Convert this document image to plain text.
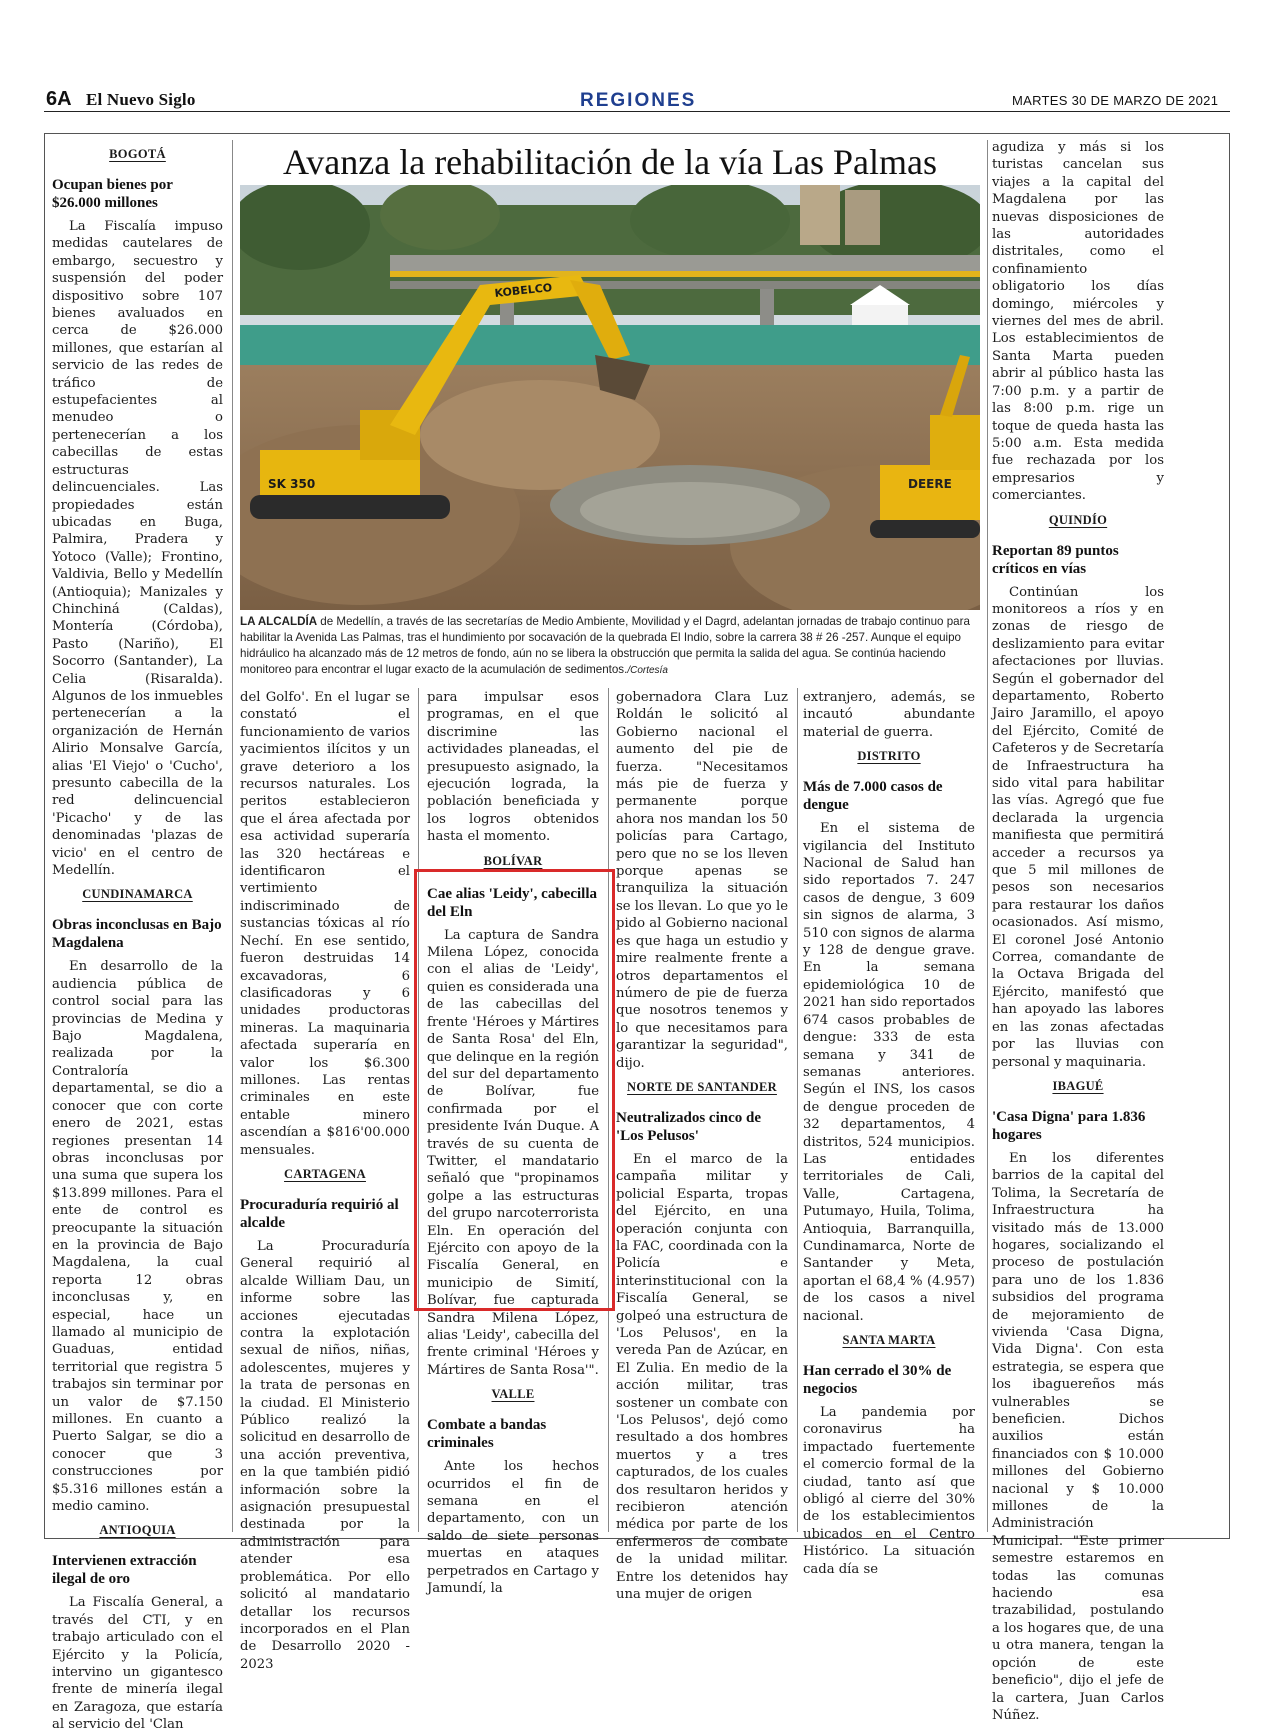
6A El Nuevo Siglo	REGIONES	MARTES 30 DE MARZO DE 2021
Avanza la rehabilitación de la vía Las Palmas
KOBELCO
SK 350	DEERE
LA ALCALDÍA de Medellín, a través de las secretarías de Medio Ambiente, Movilidad y el Dagrd, adelantan jornadas de trabajo continuo para habilitar la Avenida Las Palmas, tras el hundimiento por socavación de la quebrada El Indio, sobre la carrera 38 # 26 -257. Aunque el equipo hidráulico ha alcanzado más de 12 metros de fondo, aún no se libera la obstrucción que permita la salida del agua. Se continúa haciendo monitoreo para encontrar el lugar exacto de la acumulación de sedimentos./Cortesía
BOGOTÁ
Ocupan bienes por $26.000 millones

La Fiscalía impuso medidas cautelares de embargo, secuestro y suspensión del poder dispositivo sobre 107 bienes avaluados en cerca de $26.000 millones, que estarían al servicio de las redes de tráfico de estupefacientes al menudeo o pertenecerían a los cabecillas de estas estructuras delincuenciales. Las propiedades están ubicadas en Buga, Palmira, Pradera y Yotoco (Valle); Frontino, Valdivia, Bello y Medellín (Antioquia); Manizales y Chinchiná (Caldas), Montería (Córdoba), Pasto (Nariño), El Socorro (Santander), La Celia (Risaralda). Algunos de los inmuebles pertenecerían a la organización de Hernán Alirio Monsalve García, alias 'El Viejo' o 'Cucho', presunto cabecilla de la red delincuencial 'Picacho' y de las denominadas 'plazas de vicio' en el centro de Medellín.

CUNDINAMARCA
Obras inconclusas en Bajo Magdalena

En desarrollo de la audiencia pública de control social para las provincias de Medina y Bajo Magdalena, realizada por la Contraloría departamental, se dio a conocer que con corte enero de 2021, estas regiones presentan 14 obras inconclusas por una suma que supera los $13.899 millones. Para el ente de control es preocupante la situación en la provincia de Bajo Magdalena, la cual reporta 12 obras inconclusas y, en especial, hace un llamado al municipio de Guaduas, entidad territorial que registra 5 trabajos sin terminar por un valor de $7.150 millones. En cuanto a Puerto Salgar, se dio a conocer que 3 construcciones por $5.316 millones están a medio camino.

ANTIOQUIA
Intervienen extracción ilegal de oro

La Fiscalía General, a través del CTI, y en trabajo articulado con el Ejército y la Policía, intervino un gigantesco frente de minería ilegal en Zaragoza, que estaría al servicio del 'Clan

del Golfo'. En el lugar se constató el funcionamiento de varios yacimientos ilícitos y un grave deterioro a los recursos naturales. Los peritos establecieron que el área afectada por esa actividad superaría las 320 hectáreas e identificaron el vertimiento indiscriminado de sustancias tóxicas al río Nechí. En ese sentido, fueron destruidas 14 excavadoras, 6 clasificadoras y 6 unidades productoras mineras. La maquinaria afectada superaría en valor los $6.300 millones. Las rentas criminales en este entable minero ascendían a $816'00.000 mensuales.

CARTAGENA
Procuraduría requirió al alcalde

La Procuraduría General requirió al alcalde William Dau, un informe sobre las acciones ejecutadas contra la explotación sexual de niños, niñas, adolescentes, mujeres y la trata de personas en la ciudad. El Ministerio Público realizó la solicitud en desarrollo de una acción preventiva, en la que también pidió información sobre la asignación presupuestal destinada por la administración para atender esa problemática. Por ello solicitó al mandatario detallar los recursos incorporados en el Plan de Desarrollo 2020 - 2023

para impulsar esos programas, en el que discrimine las actividades planeadas, el presupuesto asignado, la ejecución lograda, la población beneficiada y los logros obtenidos hasta el momento.

BOLÍVAR
Cae alias 'Leidy', cabecilla del Eln

La captura de Sandra Milena López, conocida con el alias de 'Leidy', quien es considerada una de las cabecillas del frente 'Héroes y Mártires de Santa Rosa' del Eln, que delinque en la región del sur del departamento de Bolívar, fue confirmada por el presidente Iván Duque. A través de su cuenta de Twitter, el mandatario señaló que "propinamos golpe a las estructuras del grupo narcoterrorista Eln. En operación del Ejército con apoyo de la Fiscalía General, en municipio de Simití, Bolívar, fue capturada Sandra Milena López, alias 'Leidy', cabecilla del frente criminal 'Héroes y Mártires de Santa Rosa'".

VALLE
Combate a bandas criminales

Ante los hechos ocurridos el fin de semana en el departamento, con un saldo de siete personas muertas en ataques perpetrados en Cartago y Jamundí, la

gobernadora Clara Luz Roldán le solicitó al Gobierno nacional el aumento del pie de fuerza. "Necesitamos más pie de fuerza y permanente porque ahora nos mandan los 50 policías para Cartago, pero que no se los lleven porque apenas se tranquiliza la situación se los llevan. Lo que yo le pido al Gobierno nacional es que haga un estudio y mire realmente frente a otros departamentos el número de pie de fuerza que nosotros tenemos y lo que necesitamos para garantizar la seguridad", dijo.

NORTE DE SANTANDER
Neutralizados cinco de 'Los Pelusos'

En el marco de la campaña militar y policial Esparta, tropas del Ejército, en una operación conjunta con la FAC, coordinada con la Policía e interinstitucional con la Fiscalía General, se golpeó una estructura de 'Los Pelusos', en la vereda Pan de Azúcar, en El Zulia. En medio de la acción militar, tras sostener un combate con 'Los Pelusos', dejó como resultado a dos hombres muertos y a tres capturados, de los cuales dos resultaron heridos y recibieron atención médica por parte de los enfermeros de combate de la unidad militar. Entre los detenidos hay una mujer de origen

extranjero, además, se incautó abundante material de guerra.

DISTRITO
Más de 7.000 casos de dengue

En el sistema de vigilancia del Instituto Nacional de Salud han sido reportados 7. 247 casos de dengue, 3 609 sin signos de alarma, 3 510 con signos de alarma y 128 de dengue grave. En la semana epidemiológica 10 de 2021 han sido reportados 674 casos probables de dengue: 333 de esta semana y 341 de semanas anteriores. Según el INS, los casos de dengue proceden de 32 departamentos, 4 distritos, 524 municipios. Las entidades territoriales de Cali, Valle, Cartagena, Putumayo, Huila, Tolima, Antioquia, Barranquilla, Cundinamarca, Norte de Santander y Meta, aportan el 68,4 % (4.957) de los casos a nivel nacional.

SANTA MARTA
Han cerrado el 30% de negocios

La pandemia por coronavirus ha impactado fuertemente el comercio formal de la ciudad, tanto así que obligó al cierre del 30% de los establecimientos ubicados en el Centro Histórico. La situación cada día se

agudiza y más si los turistas cancelan sus viajes a la capital del Magdalena por las nuevas disposiciones de las autoridades distritales, como el confinamiento obligatorio los días domingo, miércoles y viernes del mes de abril. Los establecimientos de Santa Marta pueden abrir al público hasta las 7:00 p.m. y a partir de las 8:00 p.m. rige un toque de queda hasta las 5:00 a.m. Esta medida fue rechazada por los empresarios y comerciantes.

QUINDÍO
Reportan 89 puntos críticos en vías

Continúan los monitoreos a ríos y en zonas de riesgo de deslizamiento para evitar afectaciones por lluvias. Según el gobernador del departamento, Roberto Jairo Jaramillo, el apoyo del Ejército, Comité de Cafeteros y de Secretaría de Infraestructura ha sido vital para habilitar las vías. Agregó que fue declarada la urgencia manifiesta que permitirá acceder a recursos ya que 5 mil millones de pesos son necesarios para restaurar los daños ocasionados. Así mismo, El coronel José Antonio Correa, comandante de la Octava Brigada del Ejército, manifestó que han apoyado las labores en las zonas afectadas por las lluvias con personal y maquinaria.

IBAGUÉ
'Casa Digna' para 1.836 hogares

En los diferentes barrios de la capital del Tolima, la Secretaría de Infraestructura ha visitado más de 13.000 hogares, socializando el proceso de postulación para uno de los 1.836 subsidios del programa de mejoramiento de vivienda 'Casa Digna, Vida Digna'. Con esta estrategia, se espera que los ibaguereños más vulnerables se beneficien. Dichos auxilios están financiados con $ 10.000 millones del Gobierno nacional y $ 10.000 millones de la Administración Municipal. "Este primer semestre estaremos en todas las comunas haciendo esa trazabilidad, postulando a los hogares que, de una u otra manera, tengan la opción de este beneficio", dijo el jefe de la cartera, Juan Carlos Núñez.
